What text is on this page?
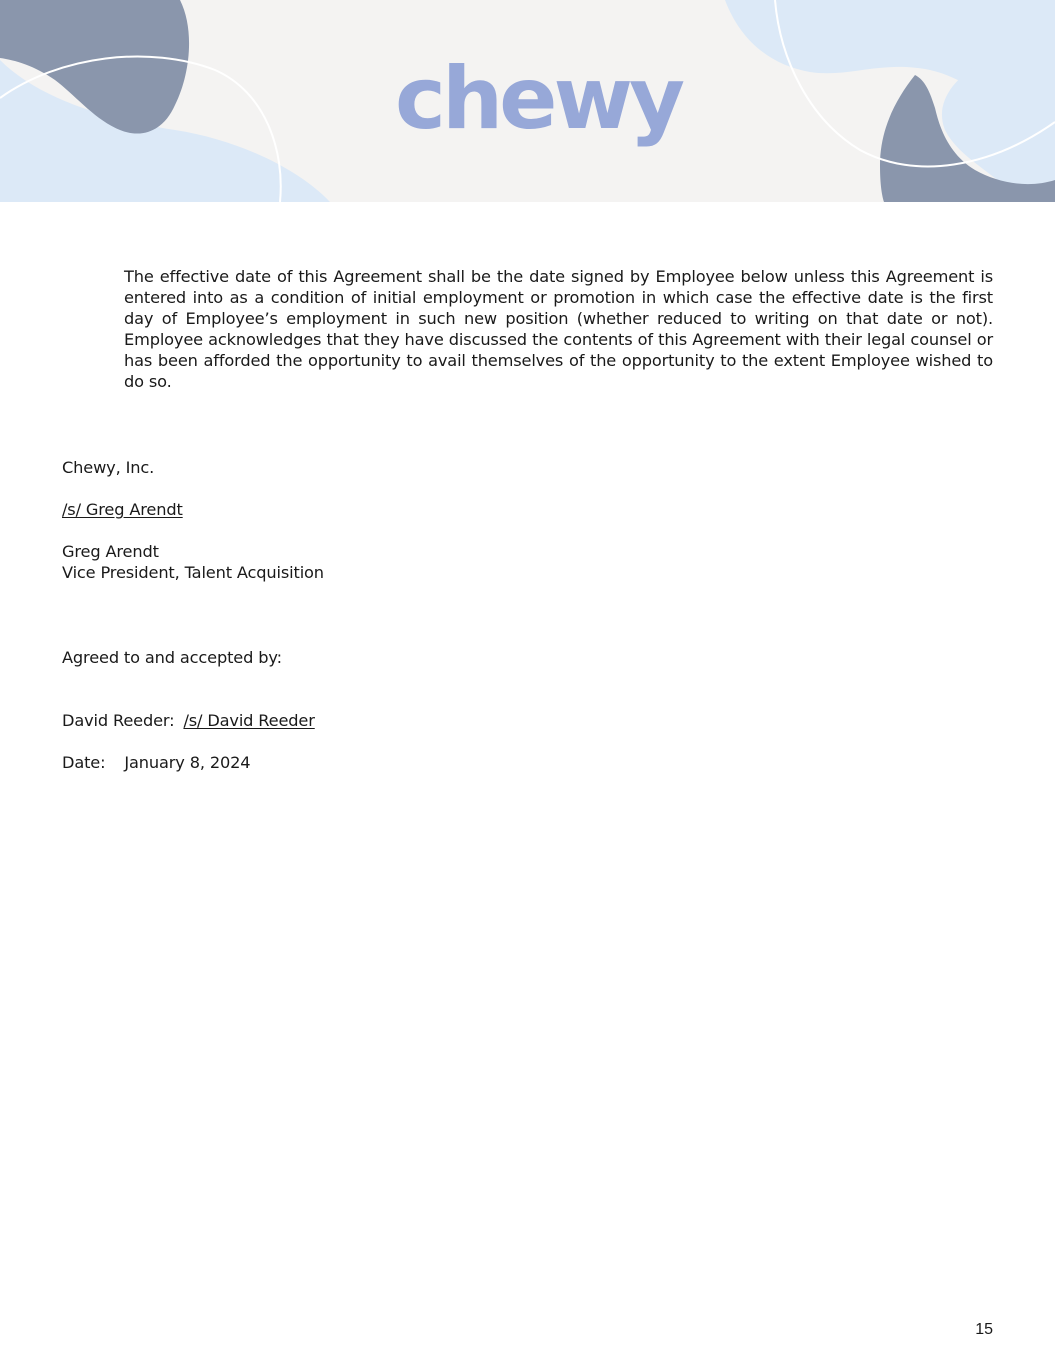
chewy

The effective date of this Agreement shall be the date signed by Employee below unless this Agreement is entered into as a condition of initial employment or promotion in which case the effective date is the first day of Employee’s employment in such new position (whether reduced to writing on that date or not). Employee acknowledges that they have discussed the contents of this Agreement with their legal counsel or has been afforded the opportunity to avail themselves of the opportunity to the extent Employee wished to do so.

Chewy, Inc.

/s/ Greg Arendt

Greg Arendt

Vice President, Talent Acquisition

Agreed to and accepted by:

David Reeder: /s/ David Reeder

Date: January 8, 2024

15
